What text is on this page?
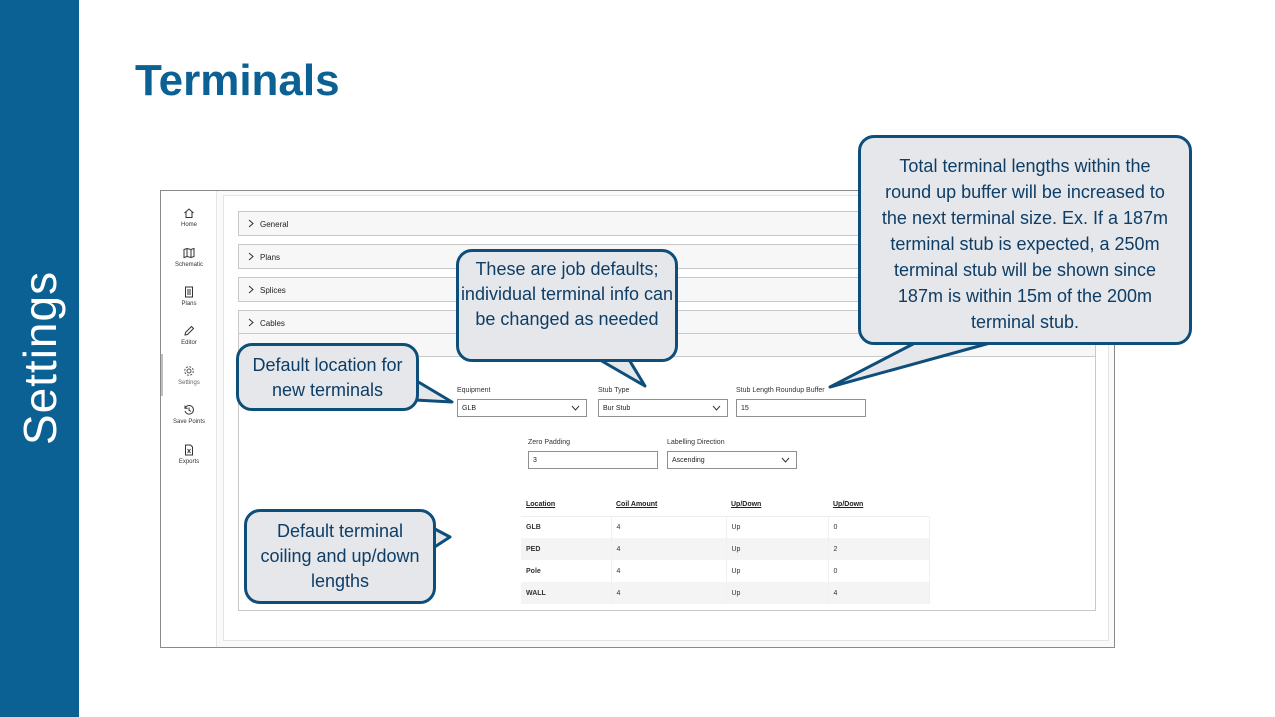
Settings
Terminals
Home
Schematic
Plans
Editor
Settings
Save Points
Exports
General
Plans
Splices
Cables
Equipment
GLB
Stub Type
Bur Stub
Stub Length Roundup Buffer
15
Zero Padding
3
Labelling Direction
Ascending
Location	Coil Amount	Up/Down	Up/Down
GLB	4	Up	0
PED	4	Up	2
Pole	4	Up	0
WALL	4	Up	4
These are job defaults; individual terminal info can be changed as needed
Total terminal lengths within the round up buffer will be increased to the next terminal size. Ex. If a 187m terminal stub is expected, a 250m terminal stub will be shown since 187m is within 15m of the 200m terminal stub.
Default location for new terminals
Default terminal coiling and up/down lengths
